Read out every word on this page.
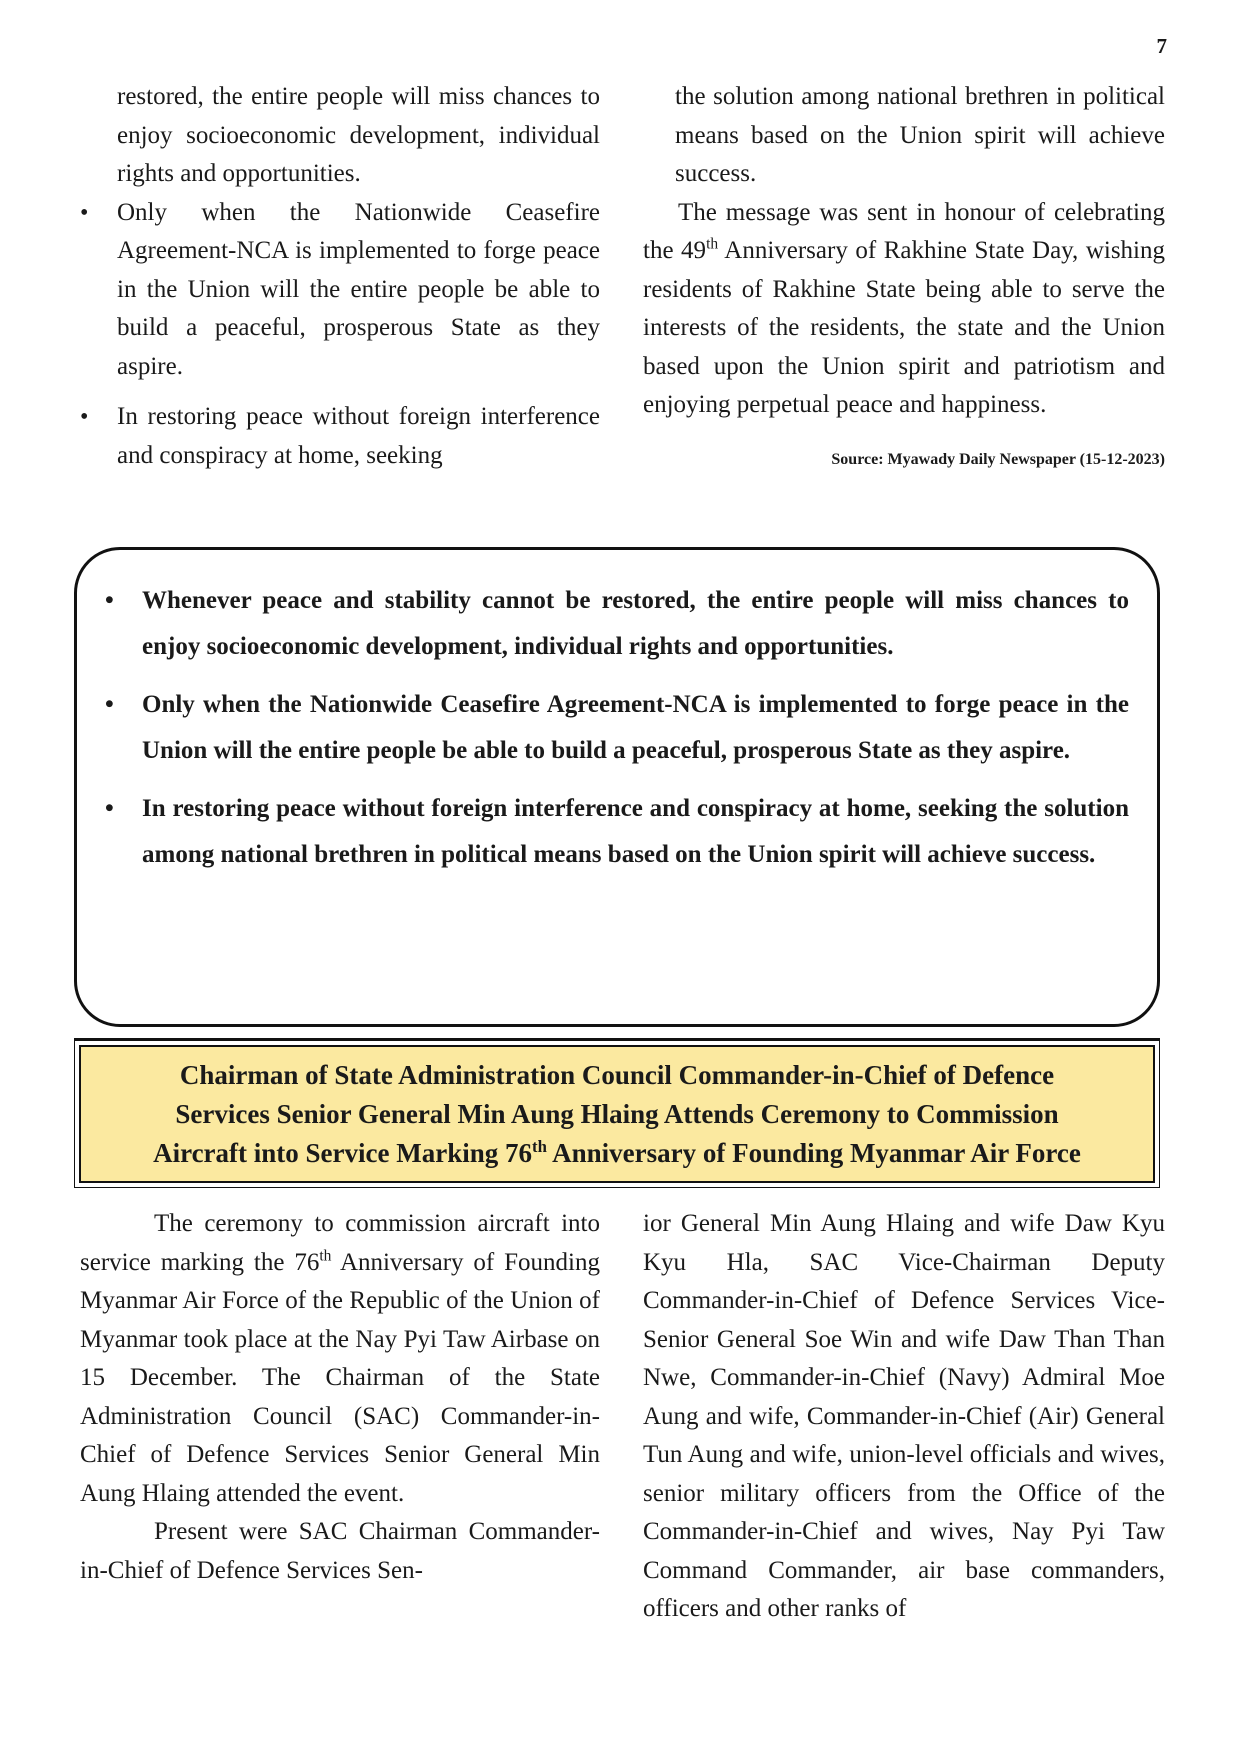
7

restored, the entire people will miss chances to enjoy socioeconomic development, individual rights and opportunities.

• Only when the Nationwide Ceasefire Agreement-NCA is implemented to forge peace in the Union will the entire people be able to build a peaceful, prosperous State as they aspire.
• In restoring peace without foreign interference and conspiracy at home, seeking

the solution among national brethren in political means based on the Union spirit will achieve success.

The message was sent in honour of celebrating the 49th Anniversary of Rakhine State Day, wishing residents of Rakhine State being able to serve the interests of the residents, the state and the Union based upon the Union spirit and patriotism and enjoying perpetual peace and happiness.

Source: Myawady Daily Newspaper (15-12-2023)
• Whenever peace and stability cannot be restored, the entire people will miss chances to enjoy socioeconomic development, individual rights and opportunities.
• Only when the Nationwide Ceasefire Agreement-NCA is implemented to forge peace in the Union will the entire people be able to build a peaceful, prosperous State as they aspire.
• In restoring peace without foreign interference and conspiracy at home, seeking the solution among national brethren in political means based on the Union spirit will achieve success.
Chairman of State Administration Council Commander-in-Chief of Defence
Services Senior General Min Aung Hlaing Attends Ceremony to Commission
Aircraft into Service Marking 76th Anniversary of Founding Myanmar Air Force

The ceremony to commission aircraft into service marking the 76th Anniversary of Founding Myanmar Air Force of the Republic of the Union of Myanmar took place at the Nay Pyi Taw Airbase on 15 December. The Chairman of the State Administration Council (SAC) Commander-in-Chief of Defence Services Senior General Min Aung Hlaing attended the event.

Present were SAC Chairman Commander-in-Chief of Defence Services Sen-

ior General Min Aung Hlaing and wife Daw Kyu Kyu Hla, SAC Vice-Chairman Deputy Commander-in-Chief of Defence Services Vice-Senior General Soe Win and wife Daw Than Than Nwe, Commander-in-Chief (Navy) Admiral Moe Aung and wife, Commander-in-Chief (Air) General Tun Aung and wife, union-level officials and wives, senior military officers from the Office of the Commander-in-Chief and wives, Nay Pyi Taw Command Commander, air base commanders, officers and other ranks of
